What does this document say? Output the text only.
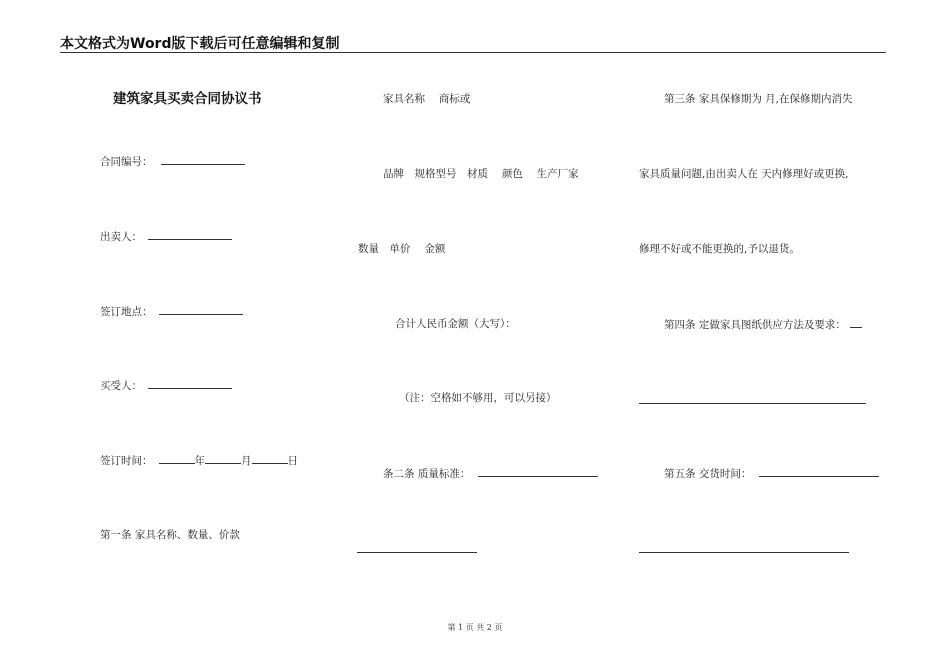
本文格式为Word版下载后可任意编辑和复制
建筑家具买卖合同协议书
合同编号：
出卖人：
签订地点：
买受人：
签订时间：	年	月	日
第一条 家具名称、数量、价款
家具名称　 商标或
品牌　规格型号　材质　 颜色　 生产厂家
数量　单价　 金额
合计人民币金额（大写）：
（注：空格如不够用，可以另接）
条二条 质量标准：
第三条 家具保修期为 月,在保修期内消失
家具质量问题,由出卖人在 天内修理好或更换,
修理不好或不能更换的,予以退货。
第四条 定做家具图纸供应方法及要求：
第五条 交货时间：
第 1 页 共 2 页
